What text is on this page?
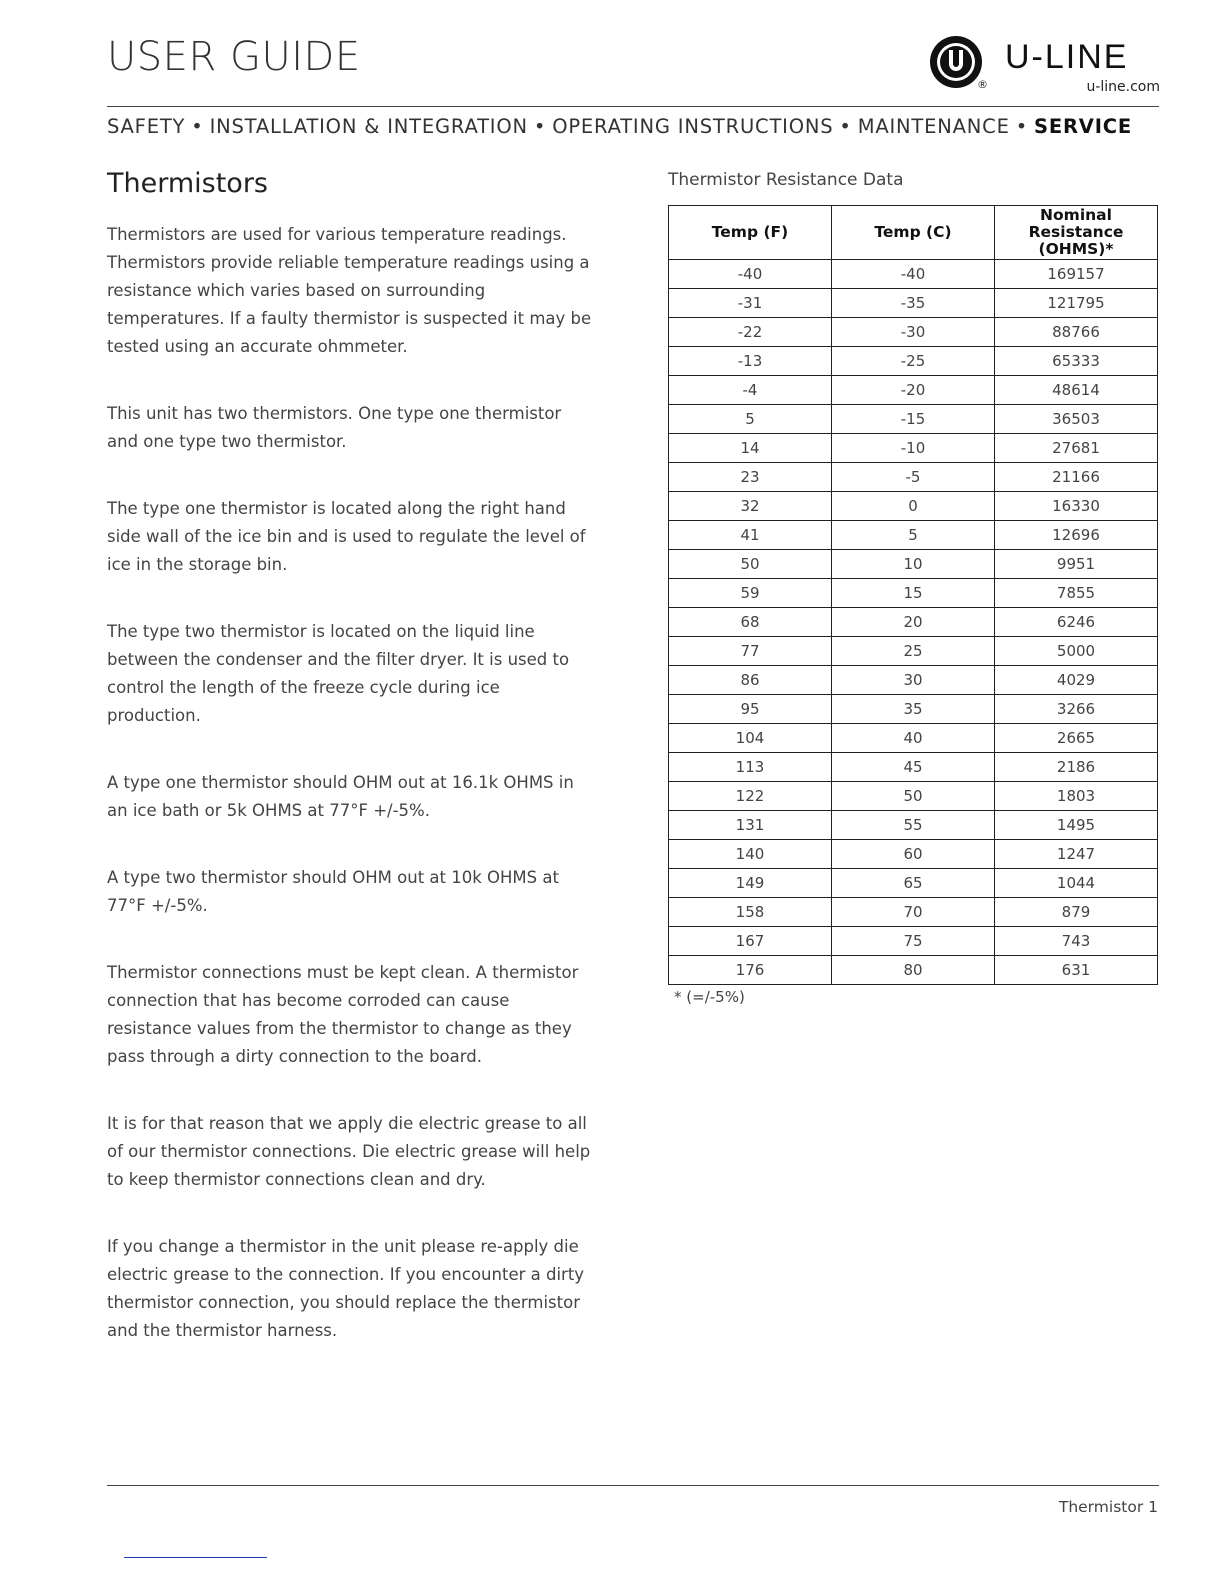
USER GUIDE
®
U-LINE
u-line.com
SAFETY • INSTALLATION & INTEGRATION • OPERATING INSTRUCTIONS • MAINTENANCE • SERVICE
Thermistors

Thermistors are used for various temperature readings. Thermistors provide reliable temperature readings using a resistance which varies based on surrounding temperatures. If a faulty thermistor is suspected it may be tested using an accurate ohmmeter.

This unit has two thermistors. One type one thermistor and one type two thermistor.

The type one thermistor is located along the right hand side wall of the ice bin and is used to regulate the level of ice in the storage bin.

The type two thermistor is located on the liquid line between the condenser and the filter dryer. It is used to control the length of the freeze cycle during ice production.

A type one thermistor should OHM out at 16.1k OHMS in an ice bath or 5k OHMS at 77°F +/-5%.

A type two thermistor should OHM out at 10k OHMS at 77°F +/-5%.

Thermistor connections must be kept clean. A thermistor connection that has become corroded can cause resistance values from the thermistor to change as they pass through a dirty connection to the board.

It is for that reason that we apply die electric grease to all of our thermistor connections. Die electric grease will help to keep thermistor connections clean and dry.

If you change a thermistor in the unit please re-apply die electric grease to the connection. If you encounter a dirty thermistor connection, you should replace the thermistor and the thermistor harness.

Thermistor Resistance Data
Temp (F)	Temp (C)	Nominal Resistance (OHMS)*
-40	-40	169157
-31	-35	121795
-22	-30	88766
-13	-25	65333
-4	-20	48614
5	-15	36503
14	-10	27681
23	-5	21166
32	0	16330
41	5	12696
50	10	9951
59	15	7855
68	20	6246
77	25	5000
86	30	4029
95	35	3266
104	40	2665
113	45	2186
122	50	1803
131	55	1495
140	60	1247
149	65	1044
158	70	879
167	75	743
176	80	631
* (=/-5%)
Thermistor 1
